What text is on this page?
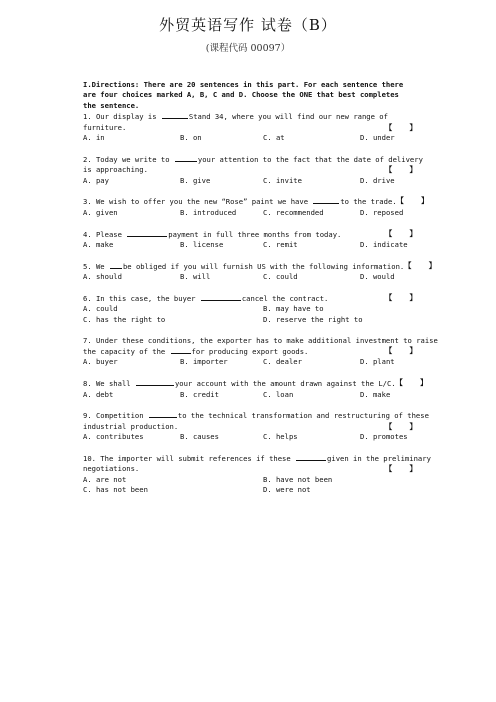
外贸英语写作 试卷（B）
(课程代码 00097）
I.Directions: There are 20 sentences in this part. For each sentence there are four choices marked A, B, C and D. Choose the ONE that best completes the sentence.
1. Our display is	Stand 34, where you will find our new range of
furniture.	【    】
A. in	B. on	C. at	D. under
2. Today we write to	your attention to the fact that the date of delivery
is approaching.	【    】
A. pay	B. give	C. invite	D. drive
3. We wish to offer you the new “Rose” paint we have	to the trade. 【    】
A. given	B. introduced	C. recommended	D. reposed
4. Please	payment in full three months from today.	【    】
A. make	B. license	C. remit	D. indicate
5. We be obliged if you will furnish US with the following information. 【    】
A. should	B. will	C. could	D. would
6. In this case, the buyer	cancel the contract.	【    】
A. could	B. may have to
C. has the right to	D. reserve the right to
7. Under these conditions, the exporter has to make additional investment to raise
the capacity of the	for producing export goods.	【    】
A. buyer	B. importer	C. dealer	D. plant
8. We shall	your account with the amount drawn against the L/C. 【    】
A. debt	B. credit	C. loan	D. make
9. Competition	to the technical transformation and restructuring of these
industrial production.	【    】
A. contributes	B. causes	C. helps	D. promotes
10. The importer will submit references if these	given in the preliminary
negotiations.	【    】
A. are not	B. have not been
C. has not been	D. were not
